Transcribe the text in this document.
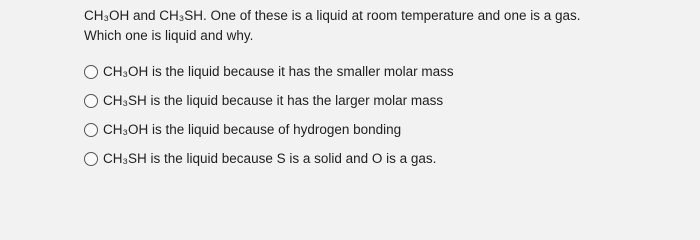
CH₃OH and CH₃SH. One of these is a liquid at room temperature and one is a gas.
Which one is liquid and why.
CH₃OH is the liquid because it has the smaller molar mass
CH₃SH is the liquid because it has the larger molar mass
CH₃OH is the liquid because of hydrogen bonding
CH₃SH is the liquid because S is a solid and O is a gas.
